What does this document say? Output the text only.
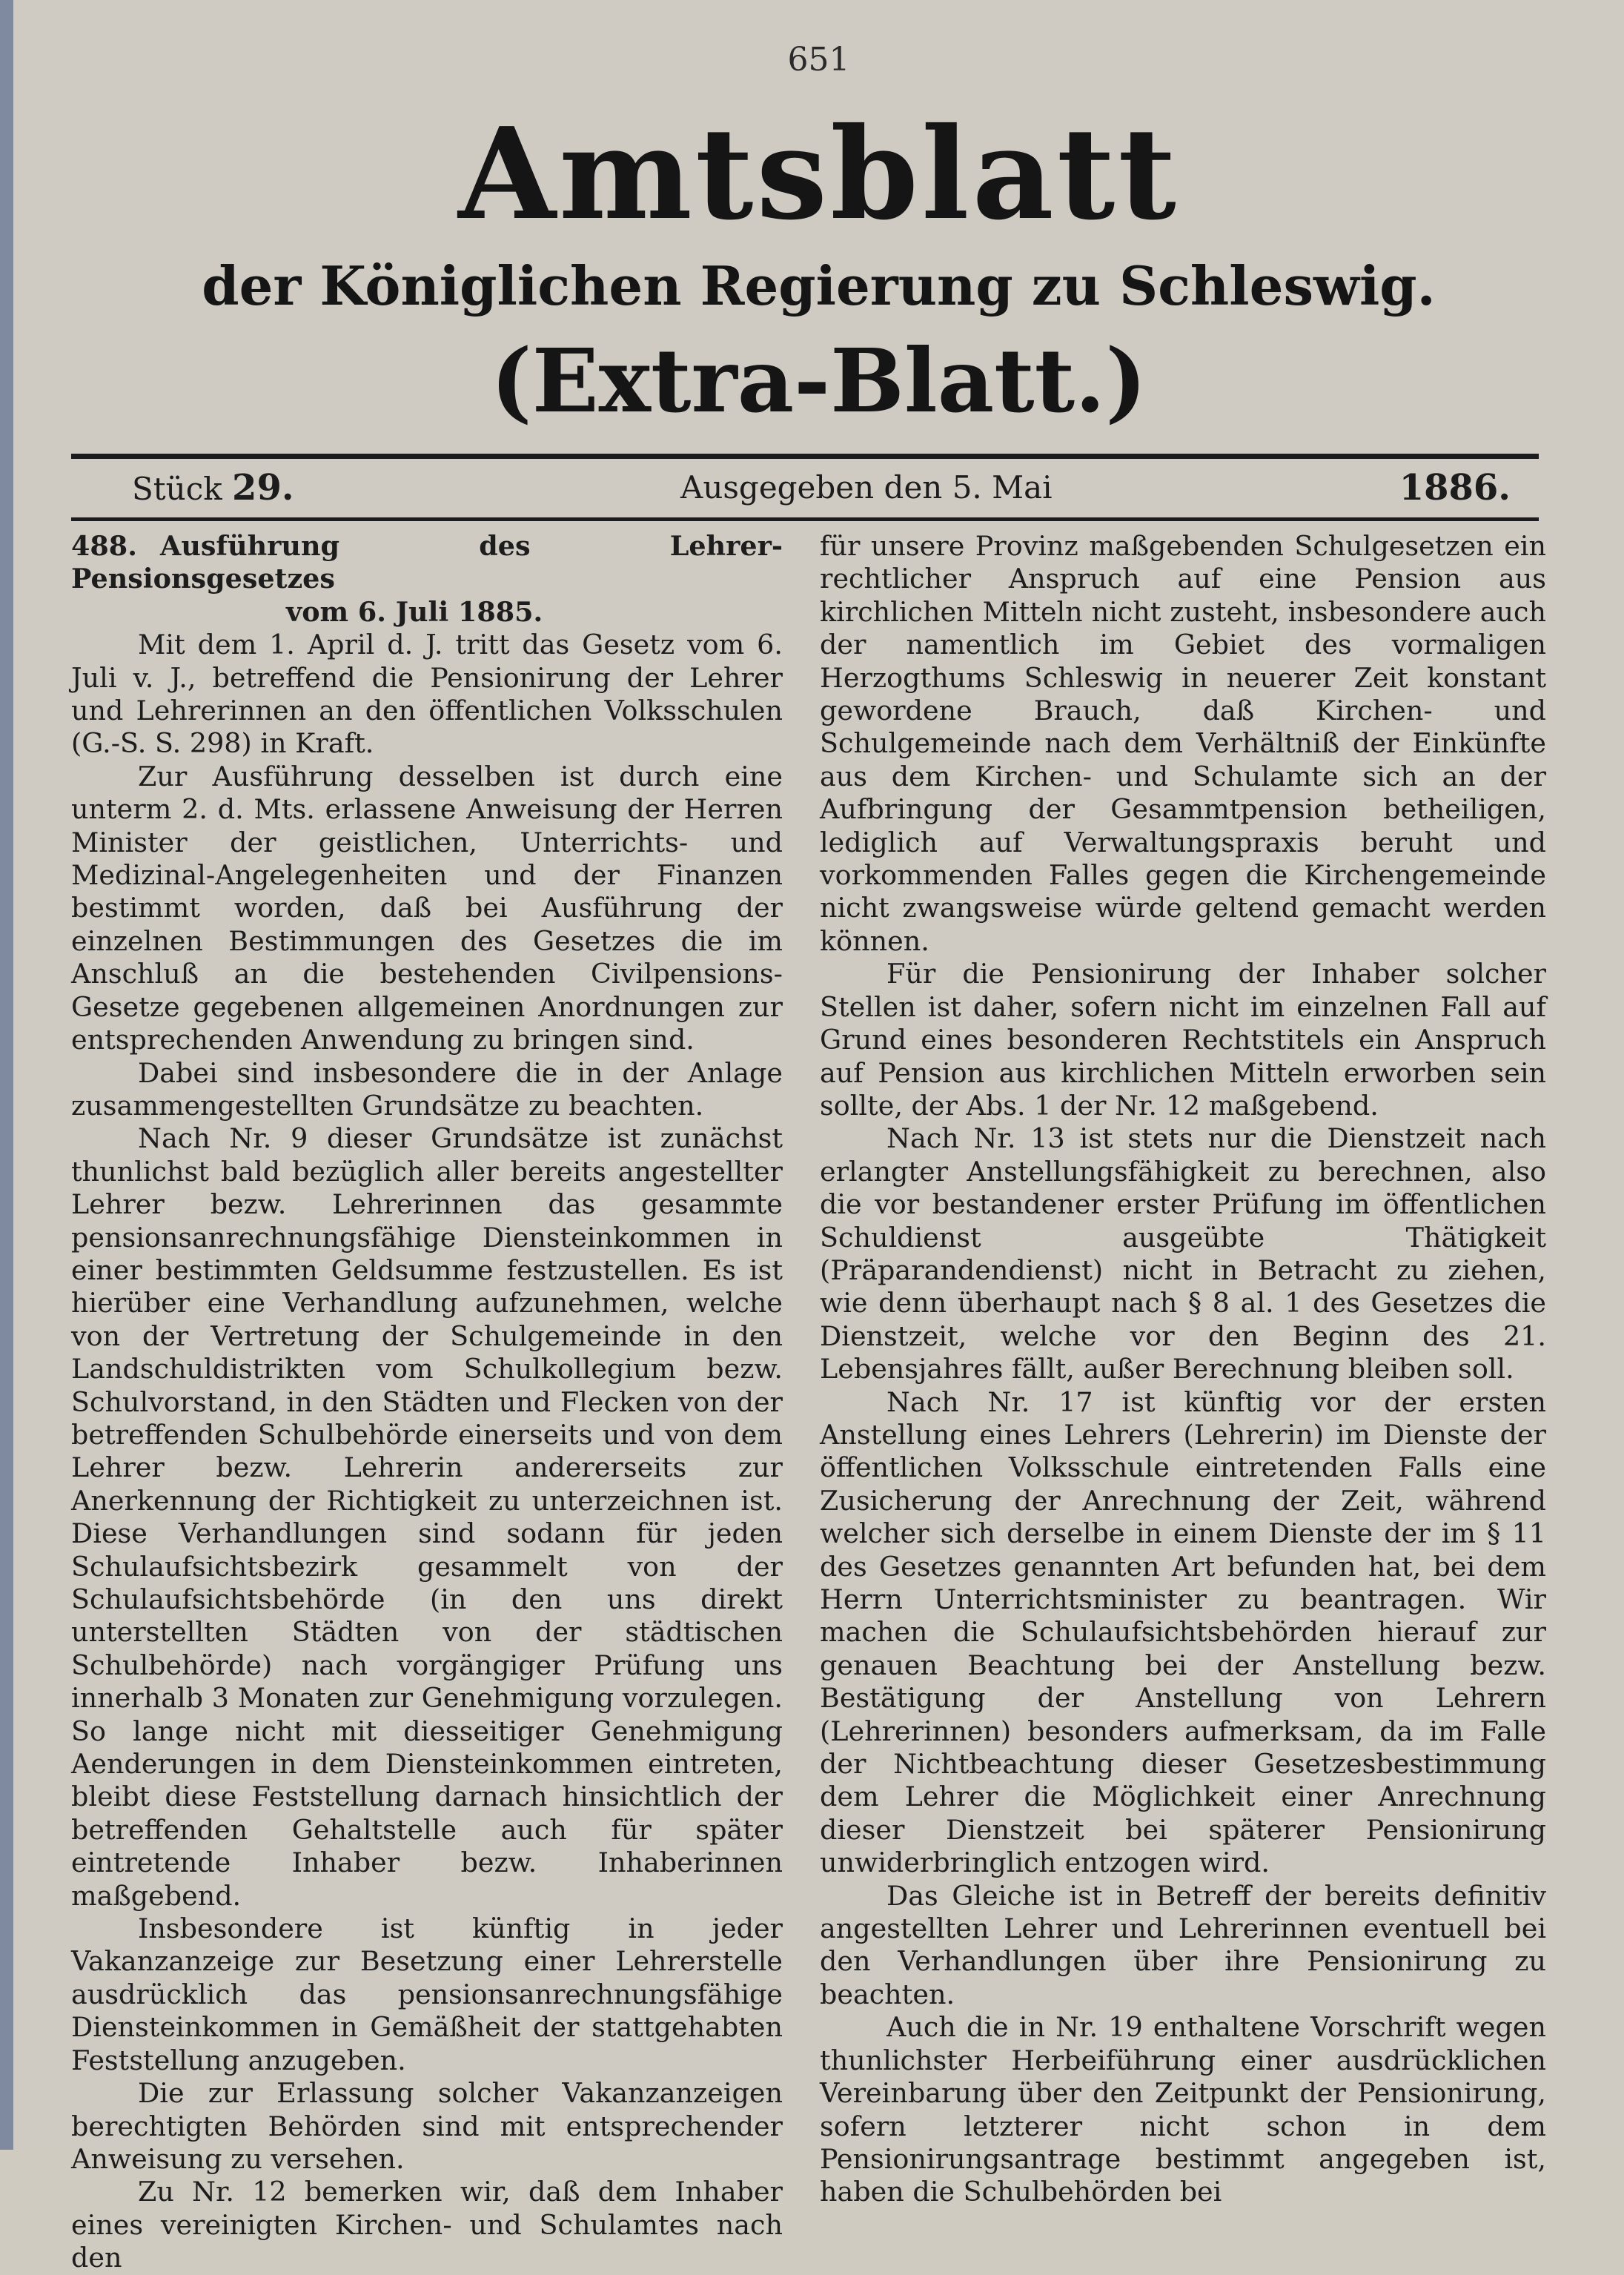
651
Amtsblatt
der Königlichen Regierung zu Schleswig.
(Extra-Blatt.)
Stück 29.	Ausgegeben den 5. Mai	1886.
488. Ausführung des Lehrer-Pensionsgesetzes
vom 6. Juli 1885.

Mit dem 1. April d. J. tritt das Gesetz vom 6. Juli v. J., betreffend die Pensionirung der Lehrer und Lehrerinnen an den öffentlichen Volksschulen (G.-S. S. 298) in Kraft.

Zur Ausführung desselben ist durch eine unterm 2. d. Mts. erlassene Anweisung der Herren Minister der geistlichen, Unterrichts- und Medizinal-Angelegenheiten und der Finanzen bestimmt worden, daß bei Ausführung der einzelnen Bestimmungen des Gesetzes die im Anschluß an die bestehenden Civilpensions-Gesetze gegebenen allgemeinen Anordnungen zur entsprechenden Anwendung zu bringen sind.

Dabei sind insbesondere die in der Anlage zusammengestellten Grundsätze zu beachten.

Nach Nr. 9 dieser Grundsätze ist zunächst thunlichst bald bezüglich aller bereits angestellter Lehrer bezw. Lehrerinnen das gesammte pensionsanrechnungsfähige Diensteinkommen in einer bestimmten Geldsumme festzustellen. Es ist hierüber eine Verhandlung aufzunehmen, welche von der Vertretung der Schulgemeinde in den Landschuldistrikten vom Schulkollegium bezw. Schulvorstand, in den Städten und Flecken von der betreffenden Schulbehörde einerseits und von dem Lehrer bezw. Lehrerin andererseits zur Anerkennung der Richtigkeit zu unterzeichnen ist. Diese Verhandlungen sind sodann für jeden Schulaufsichtsbezirk gesammelt von der Schulaufsichtsbehörde (in den uns direkt unterstellten Städten von der städtischen Schulbehörde) nach vorgängiger Prüfung uns innerhalb 3 Monaten zur Genehmigung vorzulegen. So lange nicht mit diesseitiger Genehmigung Aenderungen in dem Diensteinkommen eintreten, bleibt diese Feststellung darnach hinsichtlich der betreffenden Gehaltstelle auch für später eintretende Inhaber bezw. Inhaberinnen maßgebend.

Insbesondere ist künftig in jeder Vakanzanzeige zur Besetzung einer Lehrerstelle ausdrücklich das pensionsanrechnungsfähige Diensteinkommen in Gemäßheit der stattgehabten Feststellung anzugeben.

Die zur Erlassung solcher Vakanzanzeigen berechtigten Behörden sind mit entsprechender Anweisung zu versehen.

Zu Nr. 12 bemerken wir, daß dem Inhaber eines vereinigten Kirchen- und Schulamtes nach den

für unsere Provinz maßgebenden Schulgesetzen ein rechtlicher Anspruch auf eine Pension aus kirchlichen Mitteln nicht zusteht, insbesondere auch der namentlich im Gebiet des vormaligen Herzogthums Schleswig in neuerer Zeit konstant gewordene Brauch, daß Kirchen- und Schulgemeinde nach dem Verhältniß der Einkünfte aus dem Kirchen- und Schulamte sich an der Aufbringung der Gesammtpension betheiligen, lediglich auf Verwaltungspraxis beruht und vorkommenden Falles gegen die Kirchengemeinde nicht zwangsweise würde geltend gemacht werden können.

Für die Pensionirung der Inhaber solcher Stellen ist daher, sofern nicht im einzelnen Fall auf Grund eines besonderen Rechtstitels ein Anspruch auf Pension aus kirchlichen Mitteln erworben sein sollte, der Abs. 1 der Nr. 12 maßgebend.

Nach Nr. 13 ist stets nur die Dienstzeit nach erlangter Anstellungsfähigkeit zu berechnen, also die vor bestandener erster Prüfung im öffentlichen Schuldienst ausgeübte Thätigkeit (Präparandendienst) nicht in Betracht zu ziehen, wie denn überhaupt nach § 8 al. 1 des Gesetzes die Dienstzeit, welche vor den Beginn des 21. Lebensjahres fällt, außer Berechnung bleiben soll.

Nach Nr. 17 ist künftig vor der ersten Anstellung eines Lehrers (Lehrerin) im Dienste der öffentlichen Volksschule eintretenden Falls eine Zusicherung der Anrechnung der Zeit, während welcher sich derselbe in einem Dienste der im § 11 des Gesetzes genannten Art befunden hat, bei dem Herrn Unterrichtsminister zu beantragen. Wir machen die Schulaufsichtsbehörden hierauf zur genauen Beachtung bei der Anstellung bezw. Bestätigung der Anstellung von Lehrern (Lehrerinnen) besonders aufmerksam, da im Falle der Nichtbeachtung dieser Gesetzesbestimmung dem Lehrer die Möglichkeit einer Anrechnung dieser Dienstzeit bei späterer Pensionirung unwiderbringlich entzogen wird.

Das Gleiche ist in Betreff der bereits definitiv angestellten Lehrer und Lehrerinnen eventuell bei den Verhandlungen über ihre Pensionirung zu beachten.

Auch die in Nr. 19 enthaltene Vorschrift wegen thunlichster Herbeiführung einer ausdrücklichen Vereinbarung über den Zeitpunkt der Pensionirung, sofern letzterer nicht schon in dem Pensionirungsantrage bestimmt angegeben ist, haben die Schulbehörden bei
